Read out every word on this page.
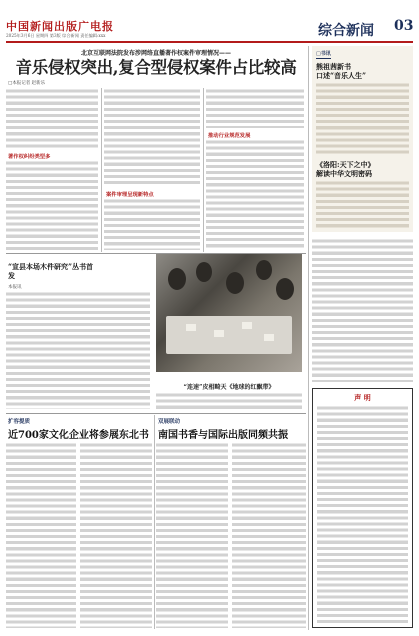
中国新闻出版广电报
2025年3月6日 星期四 第3版 综合新闻 责任编辑:xxx	综合新闻 03
北京互联网法院发布涉网络直播著作权案件审理情况——
音乐侵权突出,复合型侵权案件占比较高
□本报记者 赵新乐
著作权纠纷类型多
案件审理呈现新特点
推动行业规范发展
“宣县本场木件研究”丛书首发
本报讯
“连速”皮相畸天《地球的红飘带》
扩容提质
近700家文化企业将参展东北书
双展联动
南国书香与国际出版同频共振
□书讯
熊祖茜新书
口述“音乐人生”
《洛阳:天下之中》
解读中华文明密码
声 明
